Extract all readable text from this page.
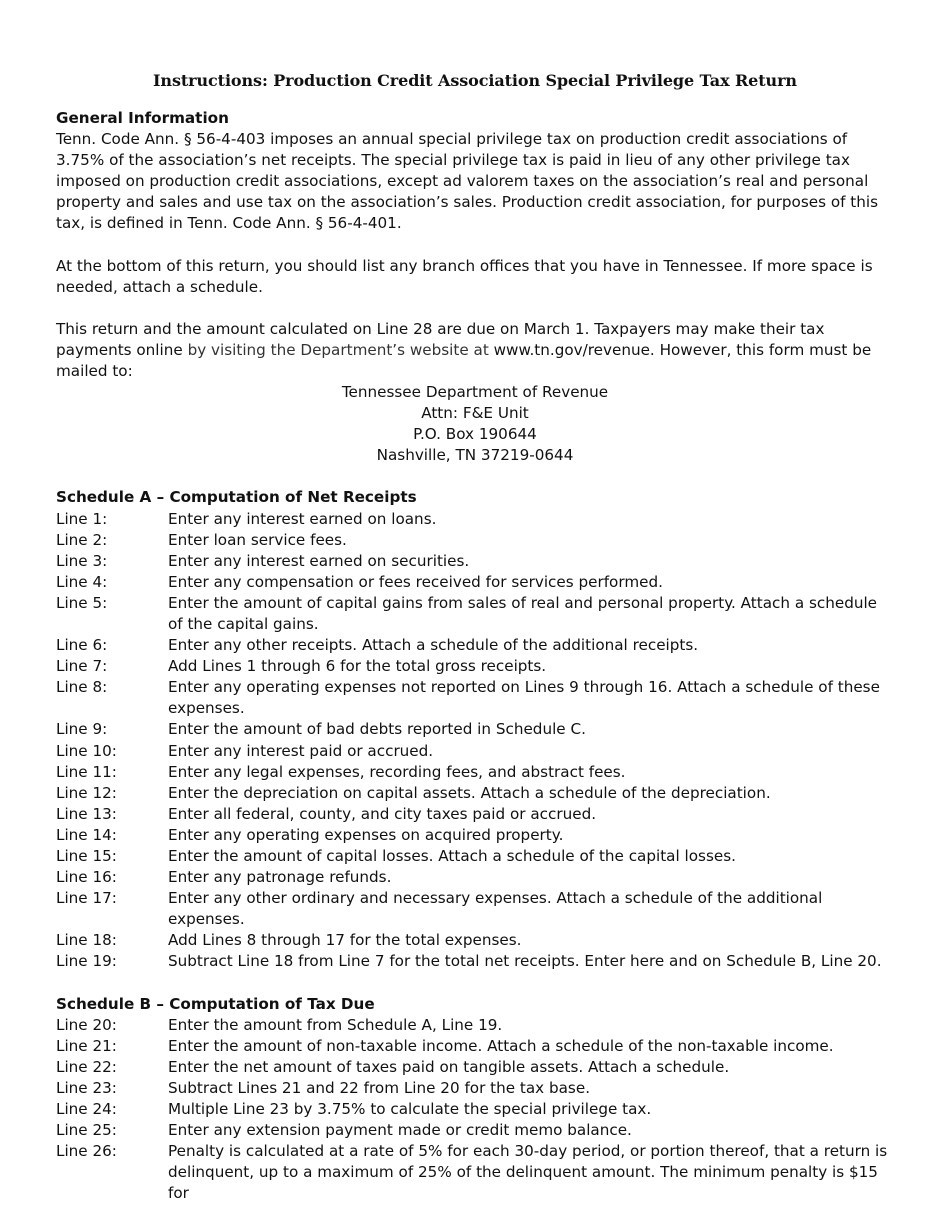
Instructions: Production Credit Association Special Privilege Tax Return

General Information

Tenn. Code Ann. § 56-4-403 imposes an annual special privilege tax on production credit associations of 3.75% of the association’s net receipts. The special privilege tax is paid in lieu of any other privilege tax imposed on production credit associations, except ad valorem taxes on the association’s real and personal property and sales and use tax on the association’s sales. Production credit association, for purposes of this tax, is defined in Tenn. Code Ann. § 56-4-401.

At the bottom of this return, you should list any branch offices that you have in Tennessee. If more space is needed, attach a schedule.

This return and the amount calculated on Line 28 are due on March 1. Taxpayers may make their tax payments online by visiting the Department’s website at www.tn.gov/revenue. However, this form must be mailed to:

Tennessee Department of Revenue

Attn: F&E Unit

P.O. Box 190644

Nashville, TN 37219-0644

Schedule A – Computation of Net Receipts

Line 1:	Enter any interest earned on loans.
Line 2:	Enter loan service fees.
Line 3:	Enter any interest earned on securities.
Line 4:	Enter any compensation or fees received for services performed.
Line 5:	Enter the amount of capital gains from sales of real and personal property. Attach a schedule of the capital gains.
Line 6:	Enter any other receipts. Attach a schedule of the additional receipts.
Line 7:	Add Lines 1 through 6 for the total gross receipts.
Line 8:	Enter any operating expenses not reported on Lines 9 through 16. Attach a schedule of these expenses.
Line 9:	Enter the amount of bad debts reported in Schedule C.
Line 10:	Enter any interest paid or accrued.
Line 11:	Enter any legal expenses, recording fees, and abstract fees.
Line 12:	Enter the depreciation on capital assets. Attach a schedule of the depreciation.
Line 13:	Enter all federal, county, and city taxes paid or accrued.
Line 14:	Enter any operating expenses on acquired property.
Line 15:	Enter the amount of capital losses. Attach a schedule of the capital losses.
Line 16:	Enter any patronage refunds.
Line 17:	Enter any other ordinary and necessary expenses. Attach a schedule of the additional expenses.
Line 18:	Add Lines 8 through 17 for the total expenses.
Line 19:	Subtract Line 18 from Line 7 for the total net receipts. Enter here and on Schedule B, Line 20.

Schedule B – Computation of Tax Due

Line 20:	Enter the amount from Schedule A, Line 19.
Line 21:	Enter the amount of non-taxable income. Attach a schedule of the non-taxable income.
Line 22:	Enter the net amount of taxes paid on tangible assets. Attach a schedule.
Line 23:	Subtract Lines 21 and 22 from Line 20 for the tax base.
Line 24:	Multiple Line 23 by 3.75% to calculate the special privilege tax.
Line 25:	Enter any extension payment made or credit memo balance.
Line 26:	Penalty is calculated at a rate of 5% for each 30-day period, or portion thereof, that a return is delinquent, up to a maximum of 25% of the delinquent amount. The minimum penalty is $15 for
